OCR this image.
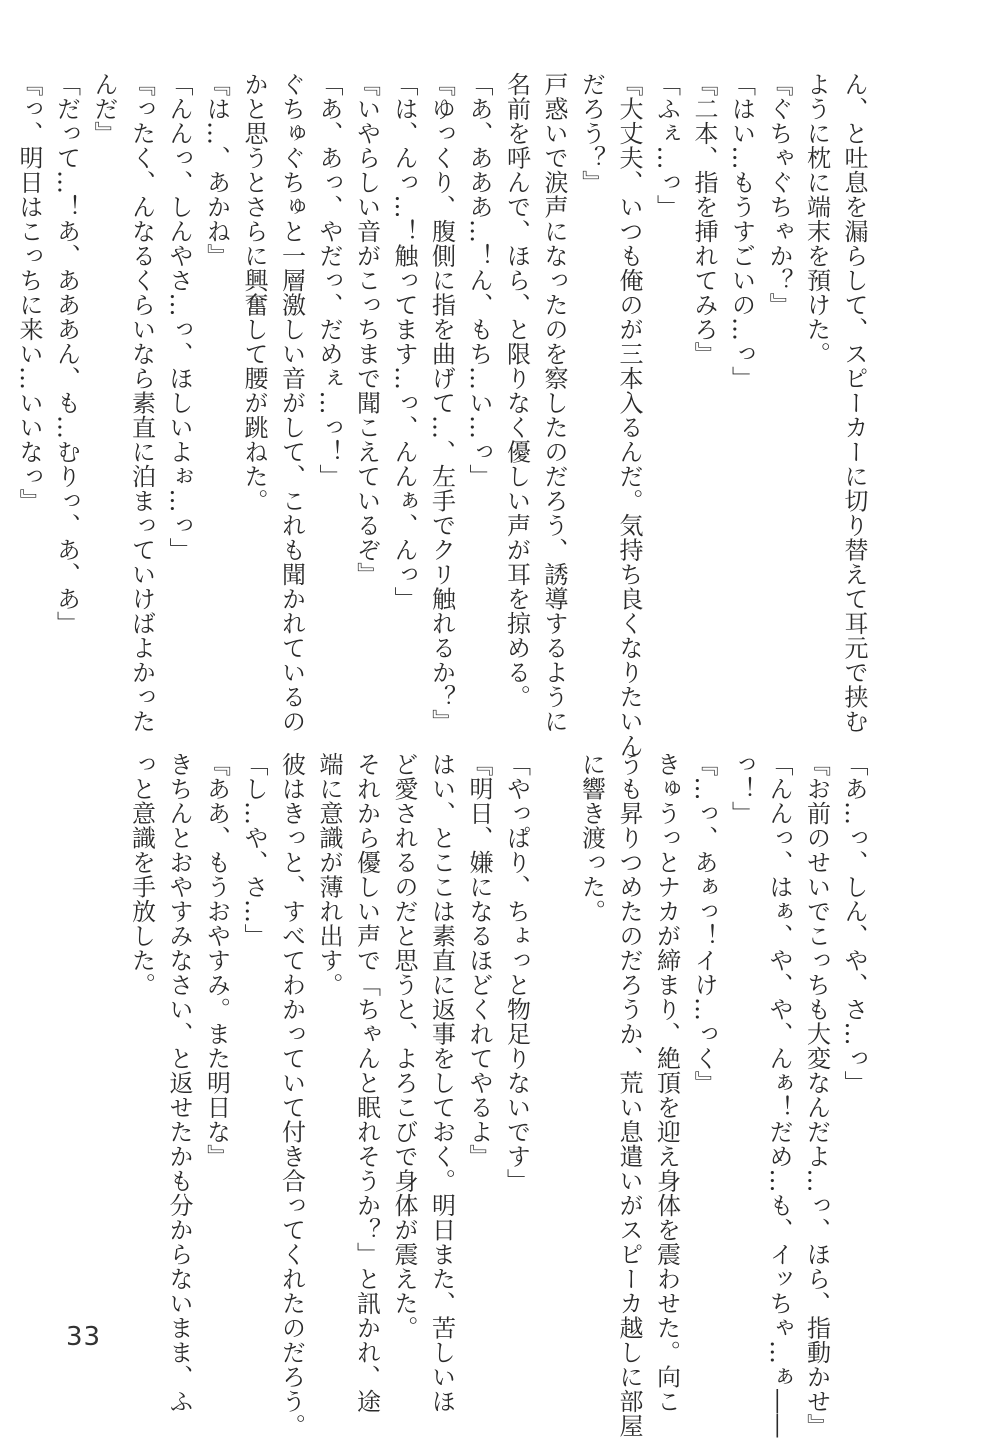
ん、と吐息を漏らして、スピーカーに切り替えて耳元で挟む
ように枕に端末を預けた。
『ぐちゃぐちゃか？』
「はい…もうすごいの…っ」
『二本、指を挿れてみろ』
「ふぇ…っ」
『大丈夫、いつも俺のが三本入るんだ。気持ち良くなりたいん
だろう？』
戸惑いで涙声になったのを察したのだろう、誘導するように
名前を呼んで、ほら、と限りなく優しい声が耳を掠める。
「あ、あああ…！ん、もち…い…っ」
『ゆっくり、腹側に指を曲げて…、左手でクリ触れるか？』
「は、んっ…！触ってます…っ、んんぁ、んっ」
『いやらしい音がこっちまで聞こえているぞ』
「あ、あっ、やだっ、だめぇ…っ！」
ぐちゅぐちゅと一層激しい音がして、これも聞かれているの
かと思うとさらに興奮して腰が跳ねた。
『は…、あかね』
「んんっ、しんやさ…っ、ほしいよぉ…っ」
『ったく、んなるくらいなら素直に泊まっていけばよかった
んだ』
「だって…！あ、あああん、も…むりっ、あ、あ」
『っ、明日はこっちに来い…いいなっ』
「あ…っ、しん、や、さ…っ」
『お前のせいでこっちも大変なんだよ…っ、ほら、指動かせ』
「んんっ、はぁ、や、や、んぁ！だめ…も、イッちゃ…ぁ――
っ！」
『…っ、あぁっ！イけ…っく』
きゅうっとナカが締まり、絶頂を迎え身体を震わせた。向こ
うも昇りつめたのだろうか、荒い息遣いがスピーカ越しに部屋
に響き渡った。

「やっぱり、ちょっと物足りないです」
『明日、嫌になるほどくれてやるよ』
はい、とここは素直に返事をしておく。明日また、苦しいほ
ど愛されるのだと思うと、よろこびで身体が震えた。
それから優しい声で「ちゃんと眠れそうか？」と訊かれ、途
端に意識が薄れ出す。
彼はきっと、すべてわかっていて付き合ってくれたのだろう。
「し…や、さ…」
『ああ、もうおやすみ。また明日な』
きちんとおやすみなさい、と返せたかも分からないまま、ふ
っと意識を手放した。
33
